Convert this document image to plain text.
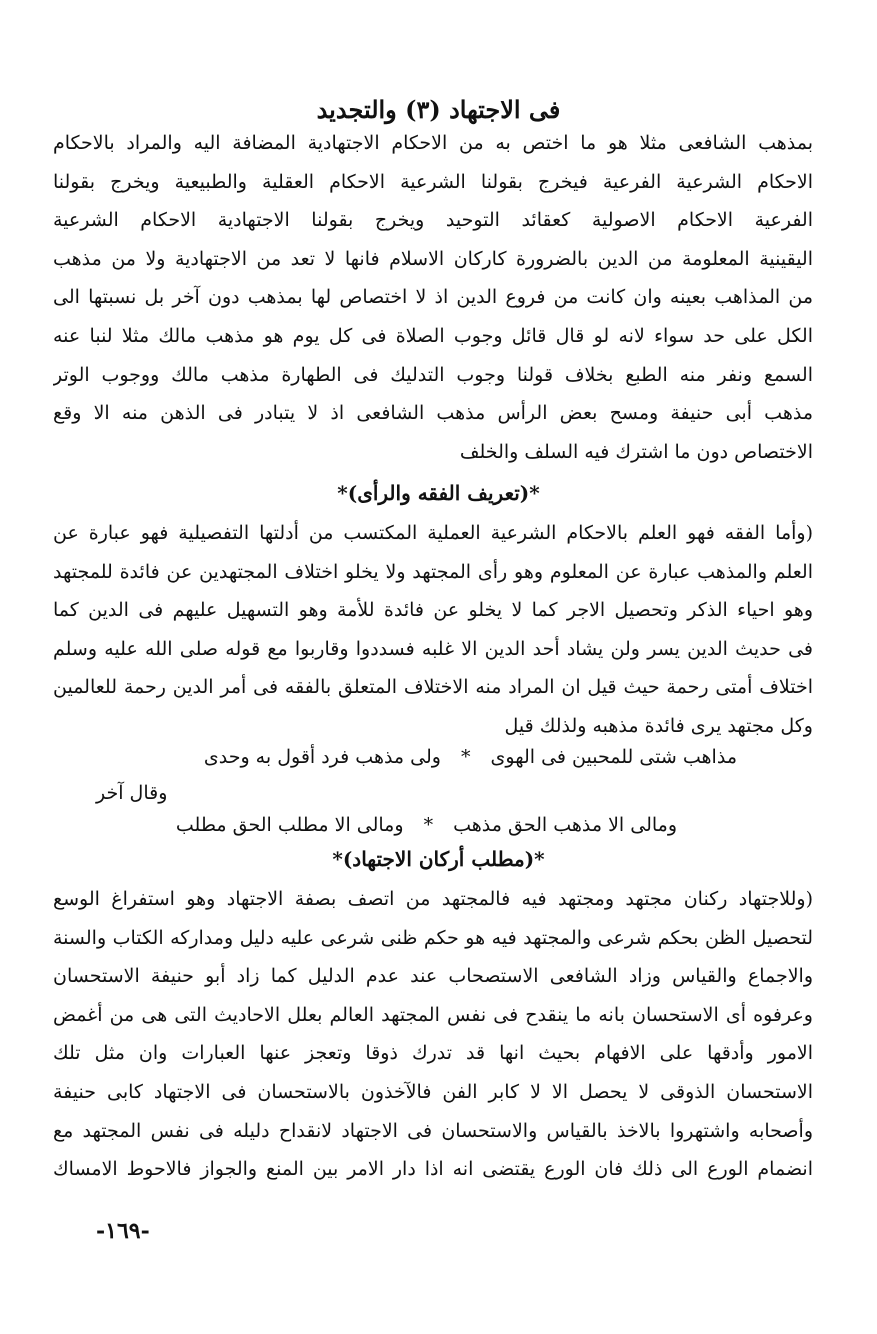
فى الاجتهاد (٣) والتجديد
بمذهب الشافعى مثلا هو ما اختص به من الاحكام الاجتهادية المضافة اليه والمراد بالاحكام
الاحكام الشرعية الفرعية فيخرج بقولنا الشرعية الاحكام العقلية والطبيعية ويخرج بقولنا
الفرعية الاحكام الاصولية كعقائد التوحيد ويخرج بقولنا الاجتهادية الاحكام الشرعية
اليقينية المعلومة من الدين بالضرورة كاركان الاسلام فانها لا تعد من الاجتهادية ولا من مذهب
من المذاهب بعينه وان كانت من فروع الدين اذ لا اختصاص لها بمذهب دون آخر بل نسبتها الى
الكل على حد سواء لانه لو قال قائل وجوب الصلاة فى كل يوم هو مذهب مالك مثلا لنبا عنه
السمع ونفر منه الطبع بخلاف قولنا وجوب التدليك فى الطهارة مذهب مالك ووجوب الوتر
مذهب أبى حنيفة ومسح بعض الرأس مذهب الشافعى اذ لا يتبادر فى الذهن منه الا وقع
الاختصاص دون ما اشترك فيه السلف والخلف
*(تعريف الفقه والرأى)*
(وأما الفقه فهو العلم بالاحكام الشرعية العملية المكتسب من أدلتها التفصيلية فهو عبارة عن
العلم والمذهب عبارة عن المعلوم وهو رأى المجتهد ولا يخلو اختلاف المجتهدين عن فائدة للمجتهد
وهو احياء الذكر وتحصيل الاجر كما لا يخلو عن فائدة للأمة وهو التسهيل عليهم فى الدين كما
فى حديث الدين يسر ولن يشاد أحد الدين الا غلبه فسددوا وقاربوا مع قوله صلى الله عليه وسلم
اختلاف أمتى رحمة حيث قيل ان المراد منه الاختلاف المتعلق بالفقه فى أمر الدين رحمة للعالمين
وكل مجتهد يرى فائدة مذهبه ولذلك قيل
مذاهب شتى للمحبين فى الهوى * ولى مذهب فرد أقول به وحدى
وقال آخر
ومالى الا مذهب الحق مذهب * ومالى الا مطلب الحق مطلب
*(مطلب أركان الاجتهاد)*
(وللاجتهاد ركنان مجتهد ومجتهد فيه فالمجتهد من اتصف بصفة الاجتهاد وهو استفراغ الوسع
لتحصيل الظن بحكم شرعى والمجتهد فيه هو حكم ظنى شرعى عليه دليل ومداركه الكتاب والسنة
والاجماع والقياس وزاد الشافعى الاستصحاب عند عدم الدليل كما زاد أبو حنيفة الاستحسان
وعرفوه أى الاستحسان بانه ما ينقدح فى نفس المجتهد العالم بعلل الاحاديث التى هى من أغمض
الامور وأدقها على الافهام بحيث انها قد تدرك ذوقا وتعجز عنها العبارات وان مثل تلك
الاستحسان الذوقى لا يحصل الا لا كابر الفن فالآخذون بالاستحسان فى الاجتهاد كابى حنيفة
وأصحابه واشتهروا بالاخذ بالقياس والاستحسان فى الاجتهاد لانقداح دليله فى نفس المجتهد مع
انضمام الورع الى ذلك فان الورع يقتضى انه اذا دار الامر بين المنع والجواز فالاحوط الامساك
-١٦٩-
